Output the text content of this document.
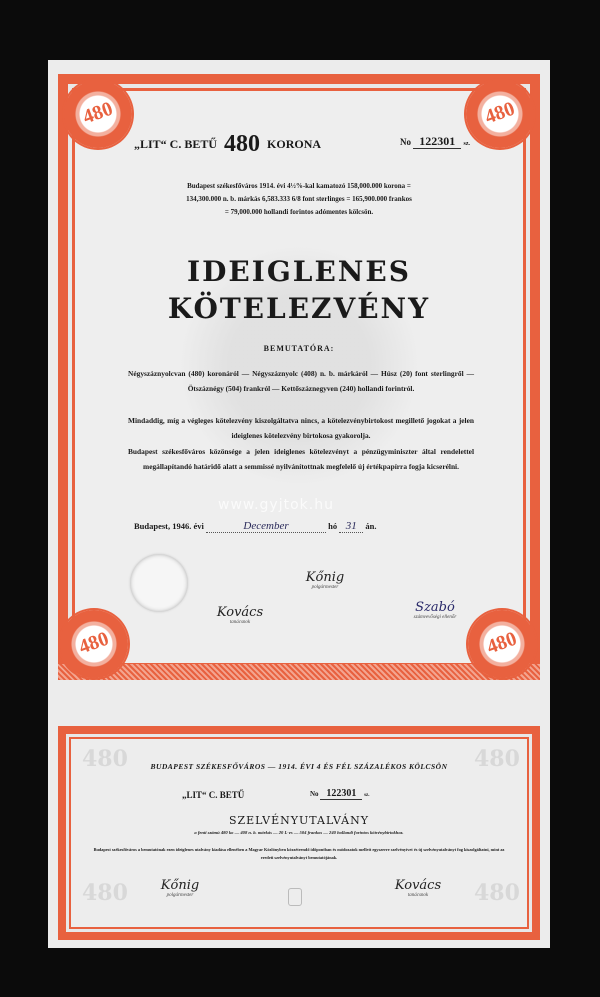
480	480
480	480
„LIT“ C. BETŰ 480 KORONA	No 122301 sz.
Budapest székesfőváros 1914. évi 4½%-kal kamatozó 158,000.000 korona =
134,300.000 n. b. márkás 6,583.333 6/8 font sterlinges = 165,900.000 frankos
= 79,000.000 hollandi forintos adómentes kölcsön.
IDEIGLENES
KÖTELEZVÉNY
BEMUTATÓRA:
Négyszáznyolcvan (480) koronáról — Négyszáznyolc (408) n. b. márkáról — Húsz (20) font sterlingről — Ötszáznégy (504) frankról — Kettőszáznegyven (240) hollandi forintról.
Mindaddig, míg a végleges kötelezvény kiszolgáltatva nincs, a kötelezvénybirtokost megillető jogokat a jelen ideiglenes kötelezvény birtokosa gyakorolja.
Budapest székesfőváros közönsége a jelen ideiglenes kötelezvényt a pénzügyminiszter által rendelettel megállapítandó határidő alatt a semmissé nyilvánítottnak megfelelő új értékpapírra fogja kicserélni.
www.gyjtok.hu
Budapest, 1946. évi	December	hó 31 án.
Kőnig
polgármester
Kovács
tanácsnok
Szabó
számvevőségi ellenőr
480	480
480	480
BUDAPEST SZÉKESFŐVÁROS — 1914. ÉVI 4 ÉS FÉL SZÁZALÉKOS KÖLCSÖN
„LIT“ C. BETŰ	No 122301 sz.
SZELVÉNYUTALVÁNY
a fenti számú 480 ko — 408 n. b. márkás — 20 L-es — 504 frankos — 240 hollandi forintos kötvénybirtokhoz.
Budapest székesfőváros a bemutatónak ezen ideiglenes utalvány kiadása ellenében a Magyar Közlönyben közzéteendő időpontban és módozatok mellett egyszerre szelvényívet és új szelvényutalványt fog kiszolgáltatni, mint az eredeti szelvényutalványt bemutatójának.
Kőnig
polgármester
Kovács
tanácsnok
